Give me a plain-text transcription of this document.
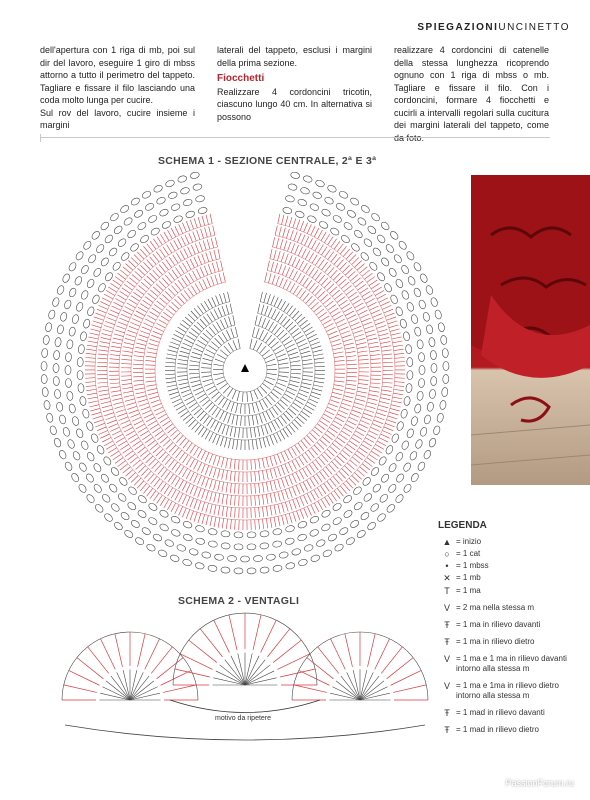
SPIEGAZIONIUNCINETTO
dell'apertura con 1 riga di mb, poi sul dir del lavoro, eseguire 1 giro di mbss attorno a tutto il perimetro del tappeto. Tagliare e fissare il filo lasciando una coda molto lunga per cucire.
Sul rov del lavoro, cucire insieme i margini
laterali del tappeto, esclusi i margini della prima sezione.
Fiocchetti
Realizzare 4 cordoncini tricotin, ciascuno lungo 40 cm. In alternativa si possono
realizzare 4 cordoncini di catenelle della stessa lunghezza ricoprendo ognuno con 1 riga di mbss o mb. Tagliare e fissare il filo. Con i cordoncini, formare 4 fiocchetti e cucirli a intervalli regolari sulla cucitura dei margini laterali del tappeto, come da foto.
SCHEMA 1 - SEZIONE CENTRALE, 2ª E 3ª
SCHEMA 2 - VENTAGLI
motivo da ripetere
LEGENDA
▲ = inizio
○ = 1 cat
• = 1 mbss
✕ = 1 mb
T = 1 ma
V = 2 ma nella stessa m
Ŧ = 1 ma in rilievo davanti
Ŧ = 1 ma in rilievo dietro
V = 1 ma e 1 ma in rilievo davanti intorno alla stessa m
V = 1 ma e 1ma in rilievo dietro intorno alla stessa m
Ŧ = 1 mad in rilievo davanti
Ŧ = 1 mad in rilievo dietro
PassionForum.ru
